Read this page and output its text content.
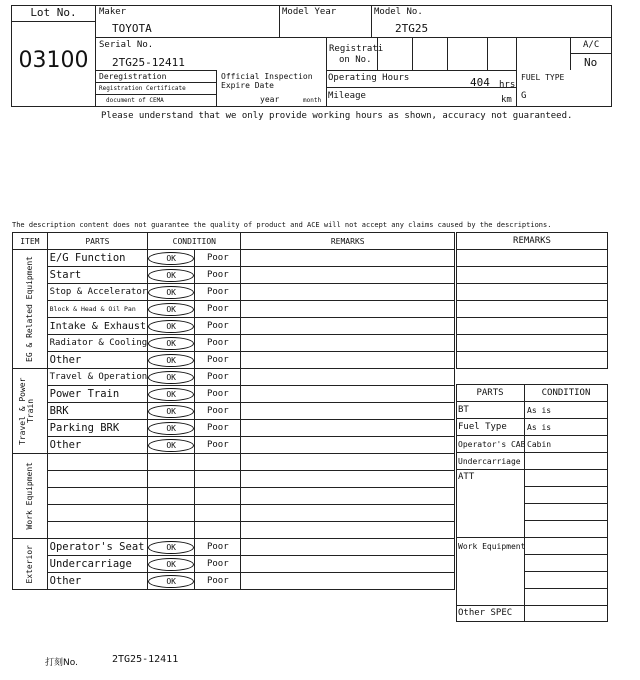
Lot No.
03100
Maker
TOYOTA
Model Year	Model No.
2TG25
Serial No.
2TG25-12411
Registrati
on No.
A/C
No
Deregistration
Registration Certificate
document of CEMA
Official Inspection
Expire Date
year	month
Operating Hours	404 hrs
Mileage	km
FUEL TYPE
G
Please understand that we only provide working hours as shown, accuracy not guaranteed.
The description content does not guarantee the quality of product and ACE will not accept any claims caused by the descriptions.
ITEM	PARTS	CONDITION		REMARKS

EG & Related Equipment	E/G Function	OK	Poor	
	Start	OK	Poor	
	Stop & Accelerator	OK	Poor	
	Block & Head & Oil Pan	OK	Poor	
	Intake & Exhaust	OK	Poor	
	Radiator & Cooling	OK	Poor	
	Other	OK	Poor	

Travel & Power Train	Travel & Operation	OK	Poor	
	Power Train	OK	Poor	
	BRK	OK	Poor	
	Parking BRK	OK	Poor	
	Other	OK	Poor	

Work Equipment				

Exterior	Operator's Seat	OK	Poor	
	Undercarriage	OK	Poor	
	Other	OK	Poor	
REMARKS

PARTS	CONDITION
BT	As is
Fuel Type	As is
Operator's CAB Cabin
Undercarriage
ATT
Work Equipment
Other SPEC
打刻No.	2TG25-12411
